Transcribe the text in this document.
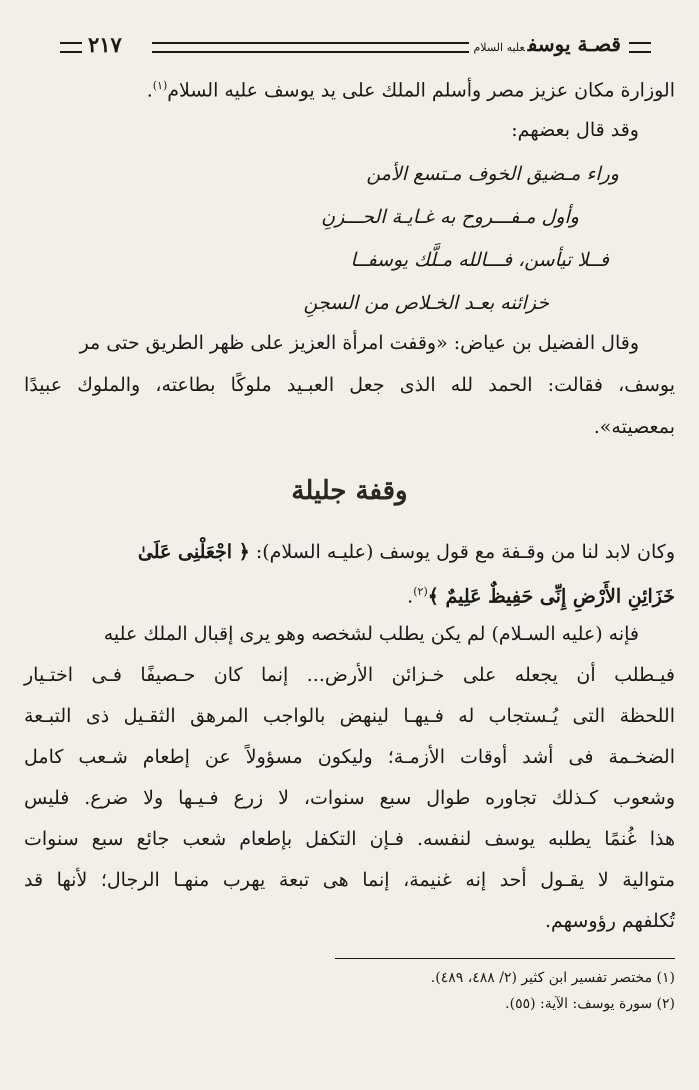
قصـة يوسفعليه السلام
٢١٧
الوزارة مكان عزيز مصر وأسلم الملك على يد يوسف عليه السلام$^{(١)}$.
وقد قال بعضهم:
وراء مـضيق الخوف مـتسع الأمن
وأول مـفـــروح به غـايـة الحـــزنِ
فــلا تيأسن، فـــالله مـلَّك يوسفــا
خزائنه بعـد الخـلاص من السجنِ
وقال الفضيل بن عياض: «وقفت امرأة العزيز على ظهر الطريق حتى مر
يوسف، فقالت: الحمد لله الذى جعل العبـيد ملوكًا بطاعته، والملوك عبيدًا
بمعصيته».
وقفة جليلة
وكان لابد لنا من وقـفة مع قول يوسف (عليـه السلام): ﴿ اجْعَلْنِى عَلَىٰ
خَزَائِنِ الأَرْضِ إِنِّى حَفِيظٌ عَلِيمٌ ﴾$^{(٢)}$.
فإنه (عليه السـلام) لم يكن يطلب لشخصه وهو يرى إقبال الملك عليه
فيـطلب أن يجعله على خـزائن الأرض... إنما كان حـصيفًا فـى اختـيار
اللحظة التى يُـستجاب له فـيهـا لينهض بالواجب المرهق الثقـيل ذى التبـعة
الضخـمة فى أشد أوقات الأزمـة؛ وليكون مسؤولاً عن إطعام شـعب كامل
وشعوب كـذلك تجاوره طوال سبع سنوات، لا زرع فـيـها ولا ضرع. فليس
هذا غُنمًا يطلبه يوسف لنفسه. فـإن التكفل بإطعام شعب جائع سبع سنوات
متوالية لا يقـول أحد إنه غنيمة، إنما هى تبعة يهرب منهـا الرجال؛ لأنها قد
تُكلفهم رؤوسهم.
(١) مختصر تفسير ابن كثير (٢/ ٤٨٨، ٤٨٩).
(٢) سورة يوسف: الآية: (٥٥).
